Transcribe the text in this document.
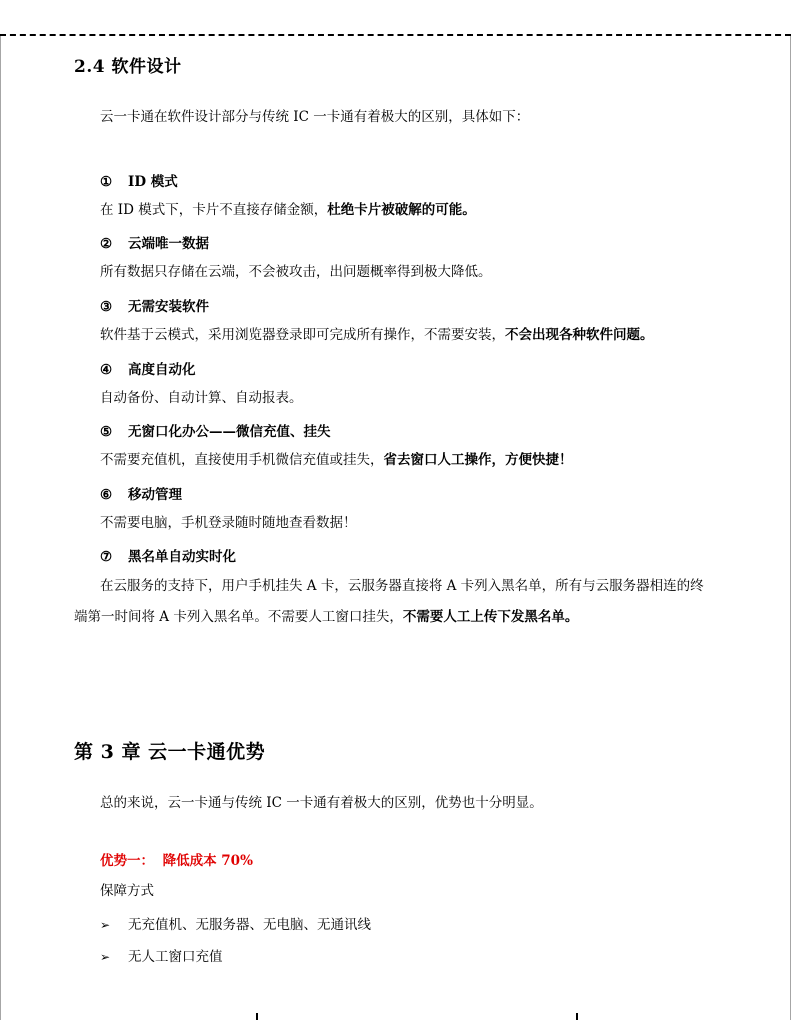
2.4 软件设计
云一卡通在软件设计部分与传统 IC 一卡通有着极大的区别，具体如下：
① ID 模式
在 ID 模式下，卡片不直接存储金额，杜绝卡片被破解的可能。
② 云端唯一数据
所有数据只存储在云端，不会被攻击，出问题概率得到极大降低。
③ 无需安装软件
软件基于云模式，采用浏览器登录即可完成所有操作，不需要安装，不会出现各种软件问题。
④ 高度自动化
自动备份、自动计算、自动报表。
⑤ 无窗口化办公——微信充值、挂失
不需要充值机，直接使用手机微信充值或挂失，省去窗口人工操作，方便快捷！
⑥ 移动管理
不需要电脑，手机登录随时随地查看数据！
⑦ 黑名单自动实时化
在云服务的支持下，用户手机挂失 A 卡，云服务器直接将 A 卡列入黑名单，所有与云服务器相连的终
端第一时间将 A 卡列入黑名单。不需要人工窗口挂失，不需要人工上传下发黑名单。
第 3 章 云一卡通优势
总的来说，云一卡通与传统 IC 一卡通有着极大的区别，优势也十分明显。
优势一： 降低成本 70%
保障方式
➢ 无充值机、无服务器、无电脑、无通讯线
➢ 无人工窗口充值
